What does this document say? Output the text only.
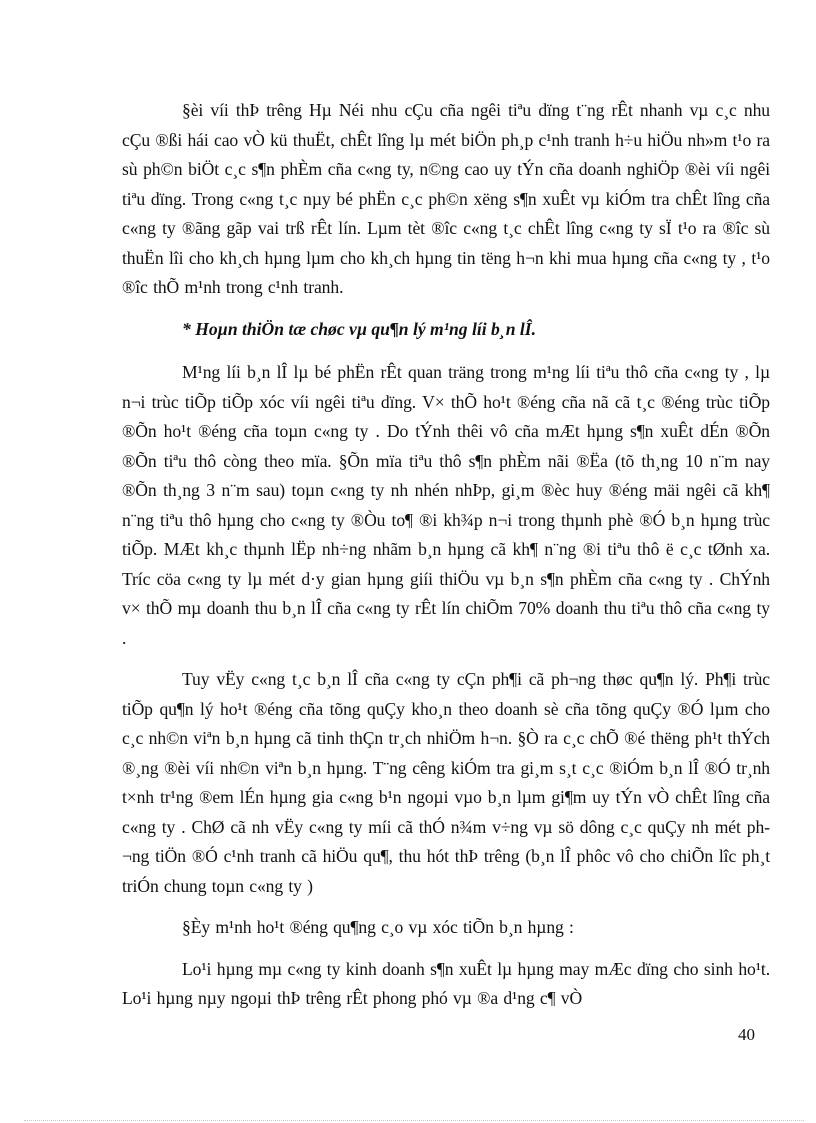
§èi víi thÞ trêng Hµ Néi nhu cÇu cña ngêi tiªu dïng t¨ng rÊt nhanh vµ c¸c nhu cÇu ®ßi hái cao vÒ kü thuËt, chÊt lîng lµ mét biÖn ph¸p c¹nh tranh h÷u hiÖu nh»m t¹o ra sù ph©n biÖt c¸c s¶n phÈm cña c«ng ty, n©ng cao uy tÝn cña doanh nghiÖp ®èi víi ngêi tiªu dïng. Trong c«ng t¸c nµy bé phËn c¸c ph©n xëng s¶n xuÊt vµ kiÓm tra chÊt lîng cña c«ng ty ®ãng gãp vai trß rÊt lín. Lµm tèt ®îc c«ng t¸c chÊt lîng c«ng ty sÏ t¹o ra ®îc sù thuËn lîi cho kh¸ch hµng lµm cho kh¸ch hµng tin tëng h¬n khi mua hµng cña c«ng ty , t¹o ®îc thÕ m¹nh trong c¹nh tranh.

* Hoµn thiÖn tæ chøc vµ qu¶n lý m¹ng líi b¸n lÎ.

M¹ng líi b¸n lÎ lµ bé phËn rÊt quan träng trong m¹ng líi tiªu thô cña c«ng ty , lµ n¬i trùc tiÕp tiÕp xóc víi ngêi tiªu dïng. V× thÕ ho¹t ®éng cña nã cã t¸c ®éng trùc tiÕp ®Õn ho¹t ®éng cña toµn c«ng ty . Do tÝnh thêi vô cña mÆt hµng s¶n xuÊt dÉn ®Õn ®Õn tiªu thô còng theo mïa. §Õn mïa tiªu thô s¶n phÈm nãi ®Ëa (tõ th¸ng 10 n¨m nay ®Õn th¸ng 3 n¨m sau) toµn c«ng ty nh nhén nhÞp, gi¸m ®èc huy ®éng mäi ngêi cã kh¶ n¨ng tiªu thô hµng cho c«ng ty ®Òu to¶ ®i kh¾p n¬i trong thµnh phè ®Ó b¸n hµng trùc tiÕp. MÆt kh¸c thµnh lËp nh÷ng nhãm b¸n hµng cã kh¶ n¨ng ®i tiªu thô ë c¸c tØnh xa. Tríc cöa c«ng ty lµ mét d·y gian hµng giíi thiÖu vµ b¸n s¶n phÈm cña c«ng ty . ChÝnh v× thÕ mµ doanh thu b¸n lÎ cña c«ng ty rÊt lín chiÕm 70% doanh thu tiªu thô cña c«ng ty .

Tuy vËy c«ng t¸c b¸n lÎ cña c«ng ty cÇn ph¶i cã ph¬ng thøc qu¶n lý. Ph¶i trùc tiÕp qu¶n lý ho¹t ®éng cña tõng quÇy kho¸n theo doanh sè cña tõng quÇy ®Ó lµm cho c¸c nh©n viªn b¸n hµng cã tinh thÇn tr¸ch nhiÖm h¬n. §Ò ra c¸c chÕ ®é thëng ph¹t thÝch ®¸ng ®èi víi nh©n viªn b¸n hµng. T¨ng cêng kiÓm tra gi¸m s¸t c¸c ®iÓm b¸n lÎ ®Ó tr¸nh t×nh tr¹ng ®em lÉn hµng gia c«ng b¹n ngoµi vµo b¸n lµm gi¶m uy tÝn vÒ chÊt lîng cña c«ng ty . ChØ cã nh vËy c«ng ty míi cã thÓ n¾m v÷ng vµ sö dông c¸c quÇy nh mét ph¬ng tiÖn ®Ó c¹nh tranh cã hiÖu qu¶, thu hót thÞ trêng (b¸n lÎ phôc vô cho chiÕn lîc ph¸t triÓn chung toµn c«ng ty )

§Èy m¹nh ho¹t ®éng qu¶ng c¸o vµ xóc tiÕn b¸n hµng :

Lo¹i hµng mµ c«ng ty kinh doanh s¶n xuÊt lµ hµng may mÆc dïng cho sinh ho¹t. Lo¹i hµng nµy ngoµi thÞ trêng rÊt phong phó vµ ®a d¹ng c¶ vÒ

40
